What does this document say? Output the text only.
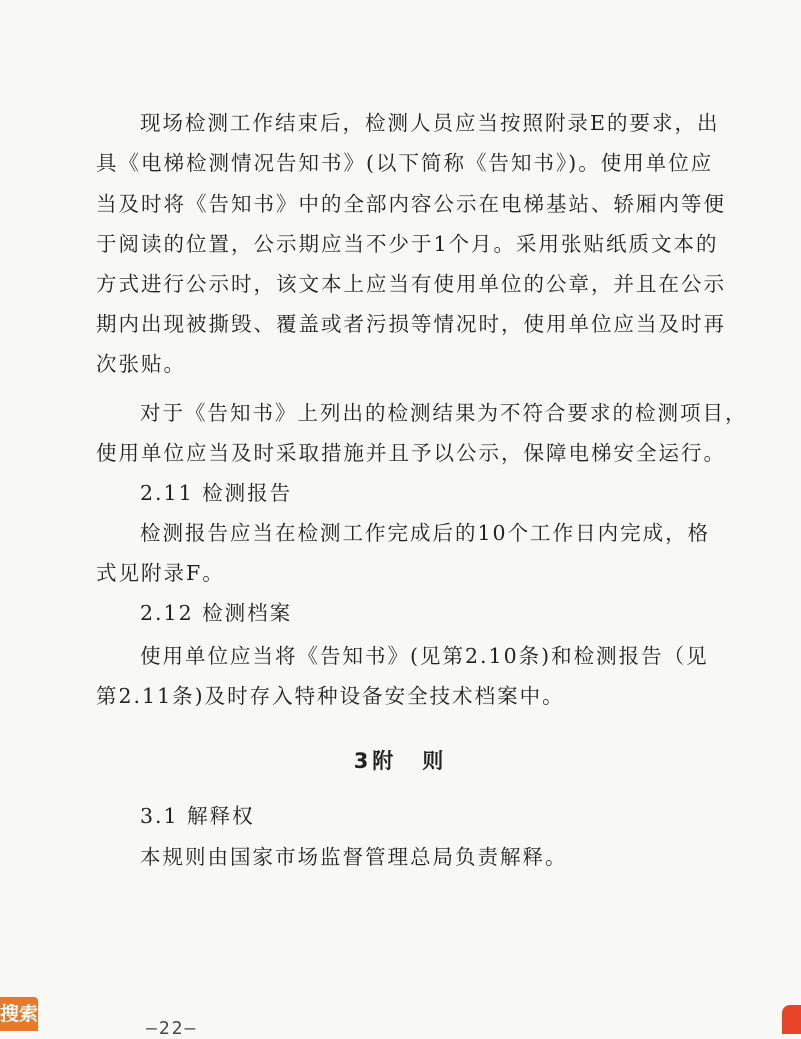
现场检测工作结束后，检测人员应当按照附录E的要求，出
具《电梯检测情况告知书》(以下简称《告知书》)。使用单位应
当及时将《告知书》中的全部内容公示在电梯基站、轿厢内等便
于阅读的位置，公示期应当不少于1个月。采用张贴纸质文本的
方式进行公示时，该文本上应当有使用单位的公章，并且在公示
期内出现被撕毁、覆盖或者污损等情况时，使用单位应当及时再
次张贴。
对于《告知书》上列出的检测结果为不符合要求的检测项目，
使用单位应当及时采取措施并且予以公示，保障电梯安全运行。
2.11 检测报告
检测报告应当在检测工作完成后的10个工作日内完成，格
式见附录F。
2.12 检测档案
使用单位应当将《告知书》(见第2.10条)和检测报告（见
第2.11条)及时存入特种设备安全技术档案中。
3附　则
3.1 解释权
本规则由国家市场监督管理总局负责解释。
—22—
搜索
